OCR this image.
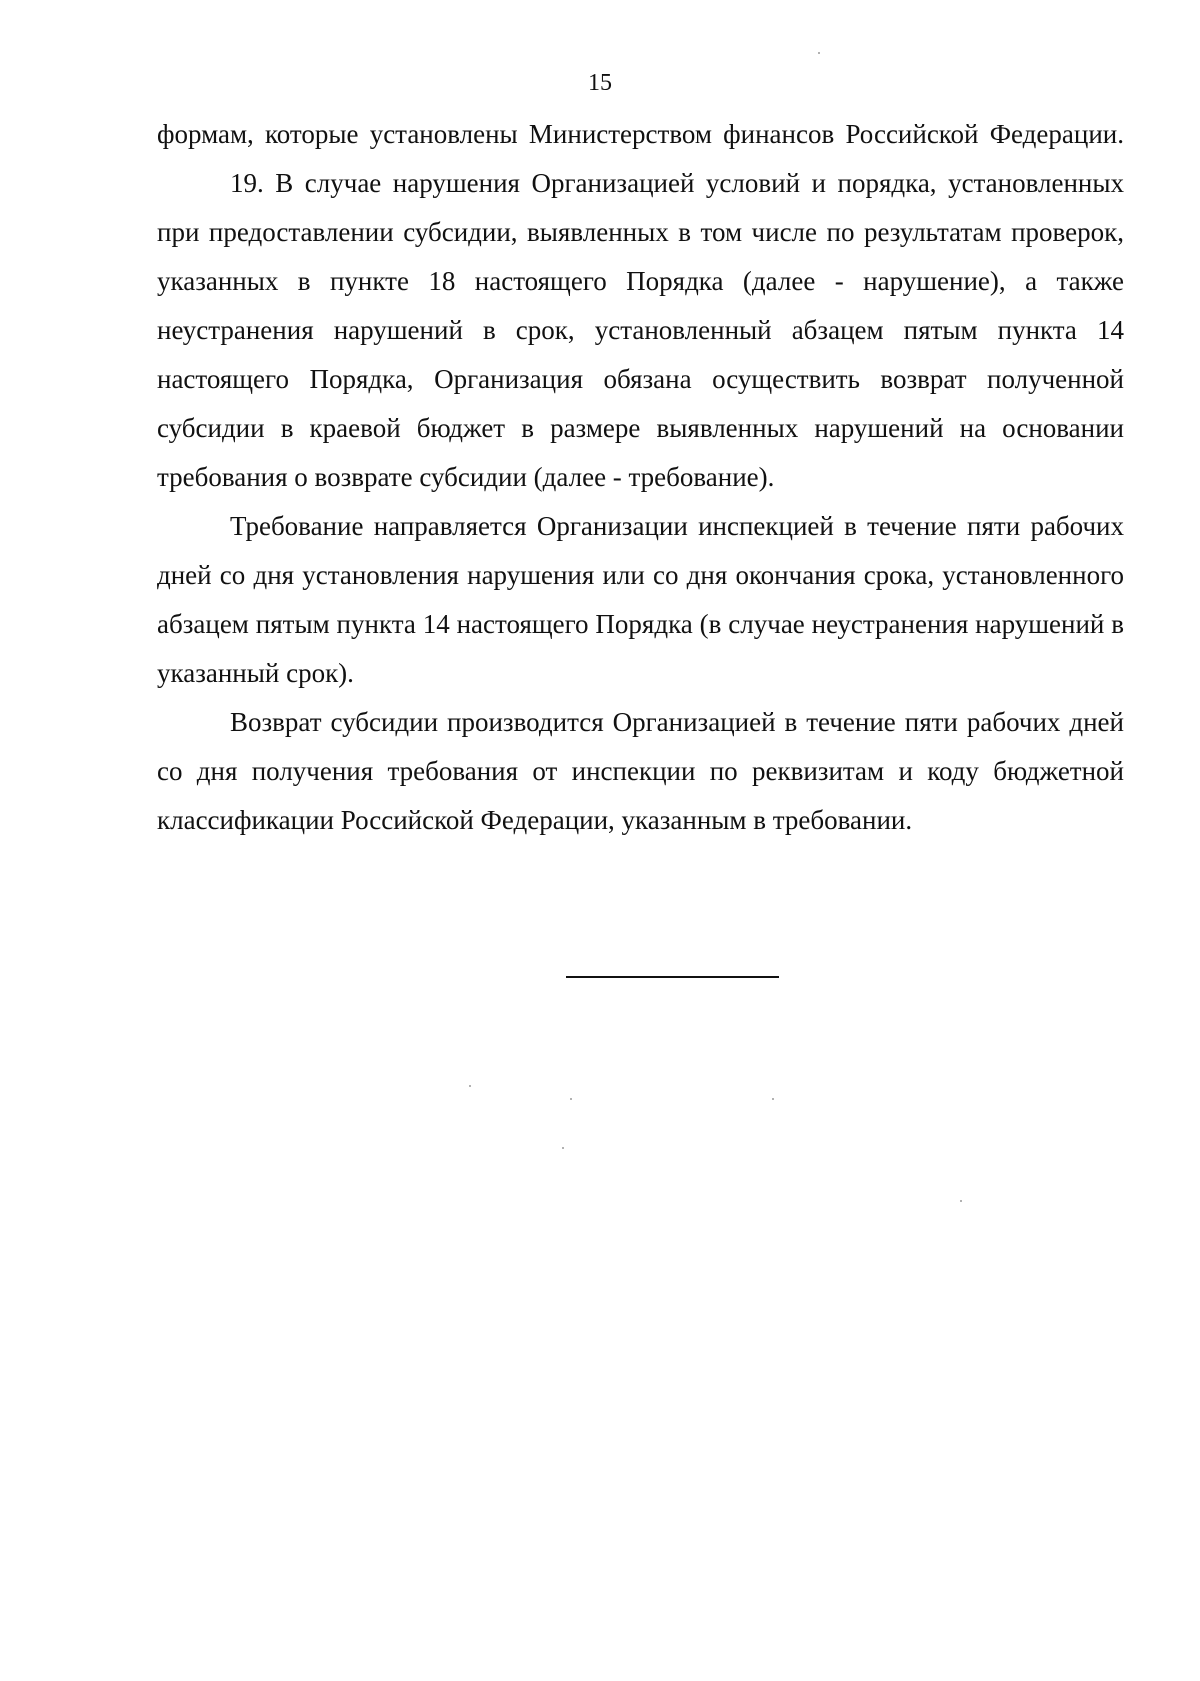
15

формам, которые установлены Министерством финансов Российской Федерации.

19. В случае нарушения Организацией условий и порядка, установленных при предоставлении субсидии, выявленных в том числе по результатам проверок, указанных в пункте 18 настоящего Порядка (далее - нарушение), а также неустранения нарушений в срок, установленный абзацем пятым пункта 14 настоящего Порядка, Организация обязана осуществить возврат полученной субсидии в краевой бюджет в размере выявленных нарушений на основании требования о возврате субсидии (далее - требование).

Требование направляется Организации инспекцией в течение пяти рабочих дней со дня установления нарушения или со дня окончания срока, установленного абзацем пятым пункта 14 настоящего Порядка (в случае неустранения нарушений в указанный срок).

Возврат субсидии производится Организацией в течение пяти рабочих дней со дня получения требования от инспекции по реквизитам и коду бюджетной классификации Российской Федерации, указанным в требовании.
